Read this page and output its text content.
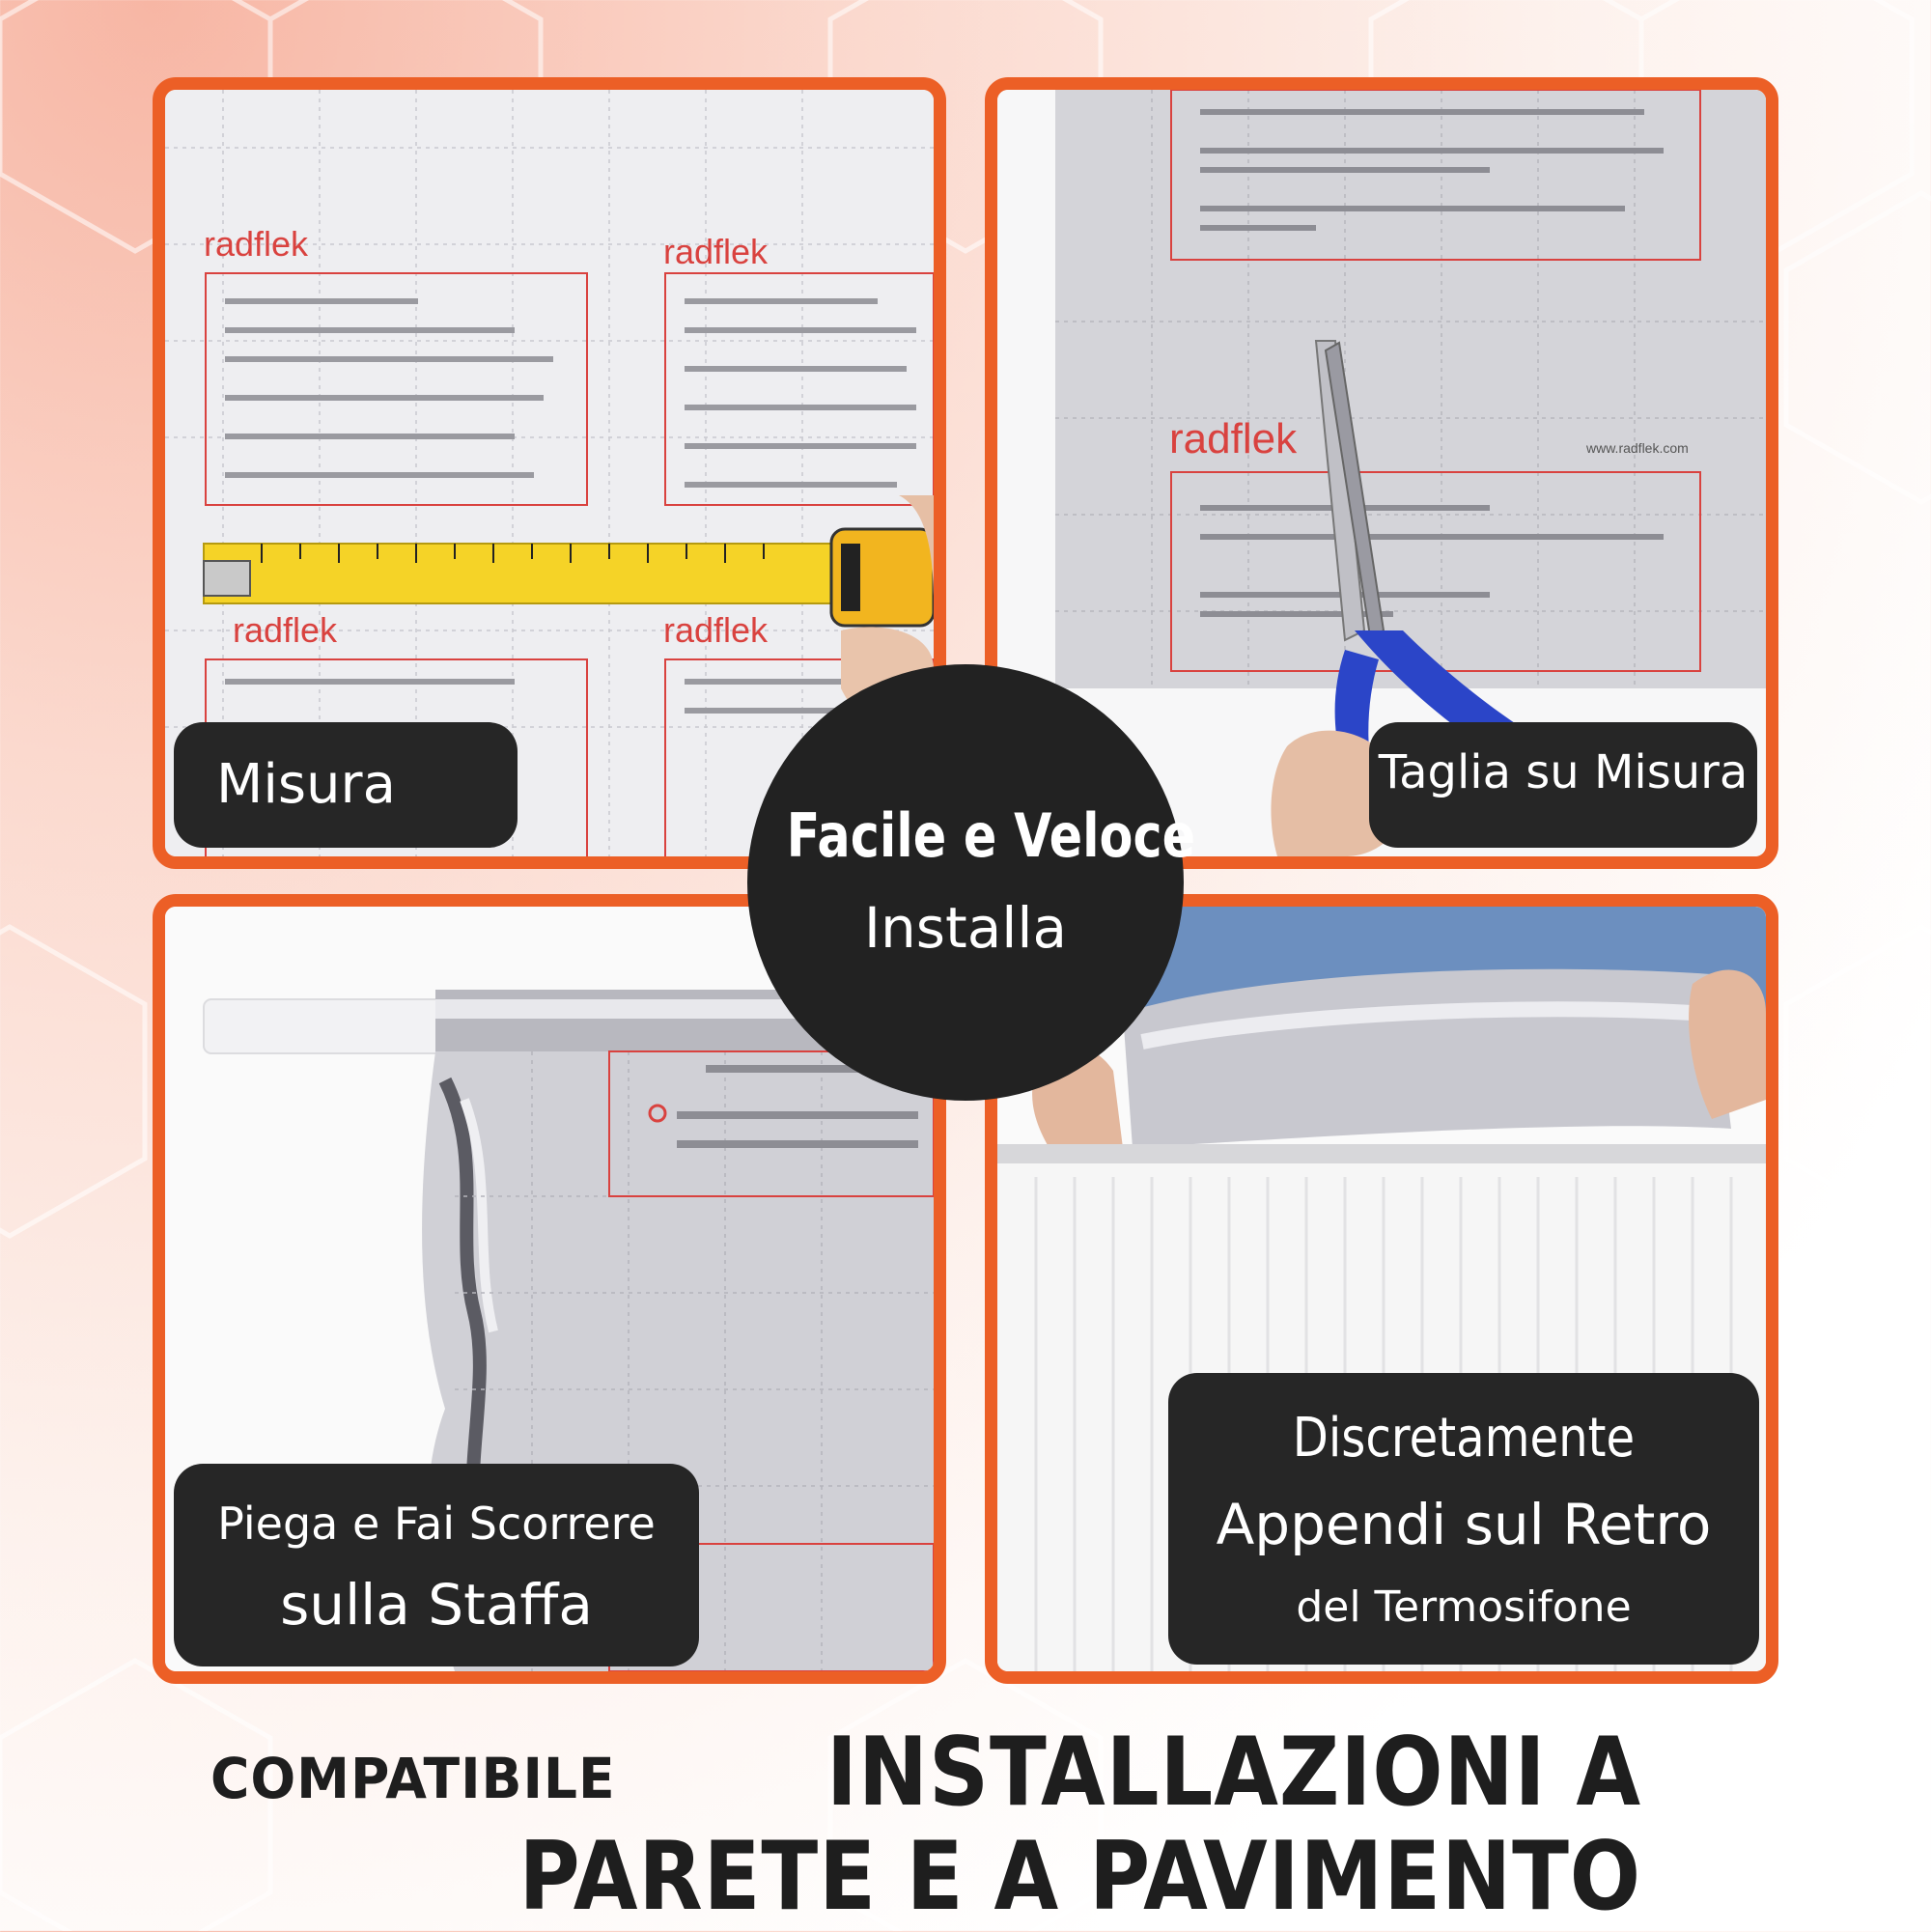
radflek	radflek
radflek	radflek
radflek	www.radflek.com
Misura	Taglia su Misura
Piega e Fai Scorrere
sulla Staffa
Discretamente
Appendi sul Retro
del Termosifone
Facile e Veloce
Installa
COMPATIBILE	INSTALLAZIONI A
PARETE E A PAVIMENTO
